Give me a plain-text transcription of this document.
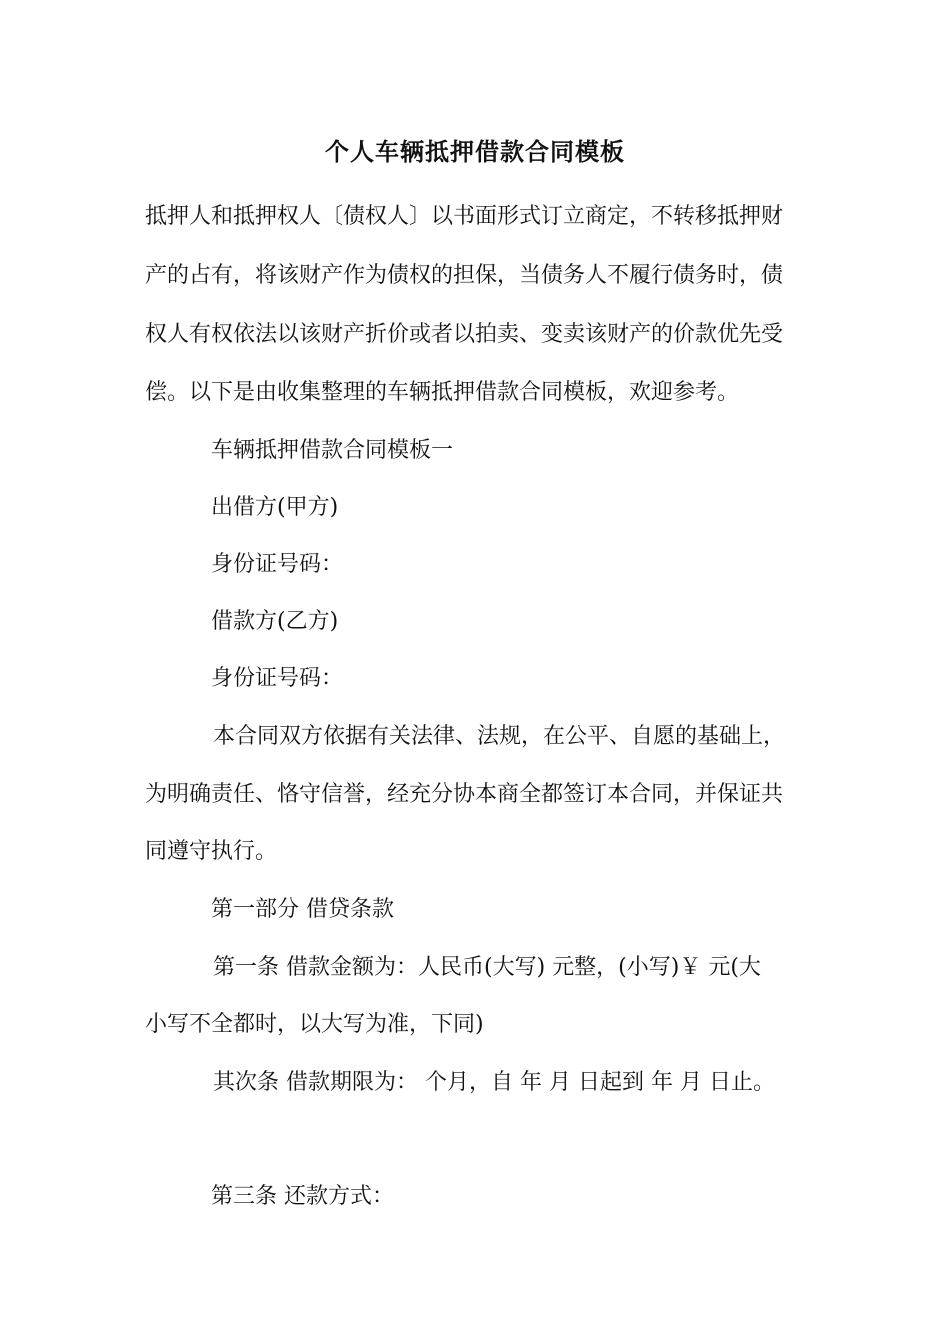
个人车辆抵押借款合同模板
抵押人和抵押权人〔债权人〕以书面形式订立商定，不转移抵押财
产的占有，将该财产作为债权的担保，当债务人不履行债务时，债
权人有权依法以该财产折价或者以拍卖、变卖该财产的价款优先受
偿。以下是由收集整理的车辆抵押借款合同模板，欢迎参考。
车辆抵押借款合同模板一
出借方(甲方)
身份证号码：
借款方(乙方)
身份证号码：
本合同双方依据有关法律、法规，在公平、自愿的基础上，
为明确责任、恪守信誉，经充分协本商全都签订本合同，并保证共
同遵守执行。
第一部分 借贷条款
第一条 借款金额为：人民币(大写) 元整，(小写)￥ 元(大
小写不全都时，以大写为准，下同)
其次条 借款期限为： 个月，自 年 月 日起到 年 月 日止。
第三条 还款方式：
